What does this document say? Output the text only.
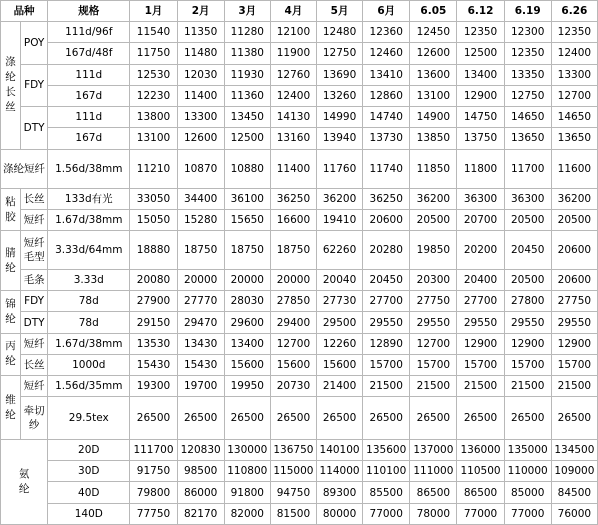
品种		规格	1月	2月	3月	4月	5月	6月	6.05	6.12	6.19	6.26

涤纶长丝	POY	111d/96f	11540	11350	11280	12100	12480	12360	12450	12350	12300	12350
		167d/48f	11750	11480	11380	11900	12750	12460	12600	12500	12350	12400
	FDY	111d	12530	12030	11930	12760	13690	13410	13600	13400	13350	13300
		167d	12230	11400	11360	12400	13260	12860	13100	12900	12750	12700
	DTY	111d	13800	13300	13450	14130	14990	14740	14900	14750	14650	14650
		167d	13100	12600	12500	13160	13940	13730	13850	13750	13650	13650
涤纶短纤		1.56d/38mm	11210	10870	10880	11400	11760	11740	11850	11800	11700	11600

粘胶	长丝	133d有光	33050	34400	36100	36250	36200	36250	36200	36300	36300	36200
	短纤	1.67d/38mm	15050	15280	15650	16600	19410	20600	20500	20700	20500	20500

腈纶	短纤毛型	3.33d/64mm	18880	18750	18750	18750	62260	20280	19850	20200	20450	20600
	毛条	3.33d	20080	20000	20000	20000	20040	20450	20300	20400	20500	20600

锦纶	FDY	78d	27900	27770	28030	27850	27730	27700	27750	27700	27800	27750
	DTY	78d	29150	29470	29600	29400	29500	29550	29550	29550	29550	29550

丙纶	短纤	1.67d/38mm	13530	13430	13400	12700	12260	12890	12700	12900	12900	12900
	长丝	1000d	15430	15430	15600	15600	15600	15700	15700	15700	15700	15700

维纶	短纤	1.56d/35mm	19300	19700	19950	20730	21400	21500	21500	21500	21500	21500
	牵切纱	29.5tex	26500	26500	26500	26500	26500	26500	26500	26500	26500	26500

氨纶		20D	111700	120830	130000	136750	140100	135600	137000	136000	135000	134500
		30D	91750	98500	110800	115000	114000	110100	111000	110500	110000	109000
		40D	79800	86000	91800	94750	89300	85500	86500	86500	85000	84500
		140D	77750	82170	82000	81500	80000	77000	78000	77000	77000	76000
